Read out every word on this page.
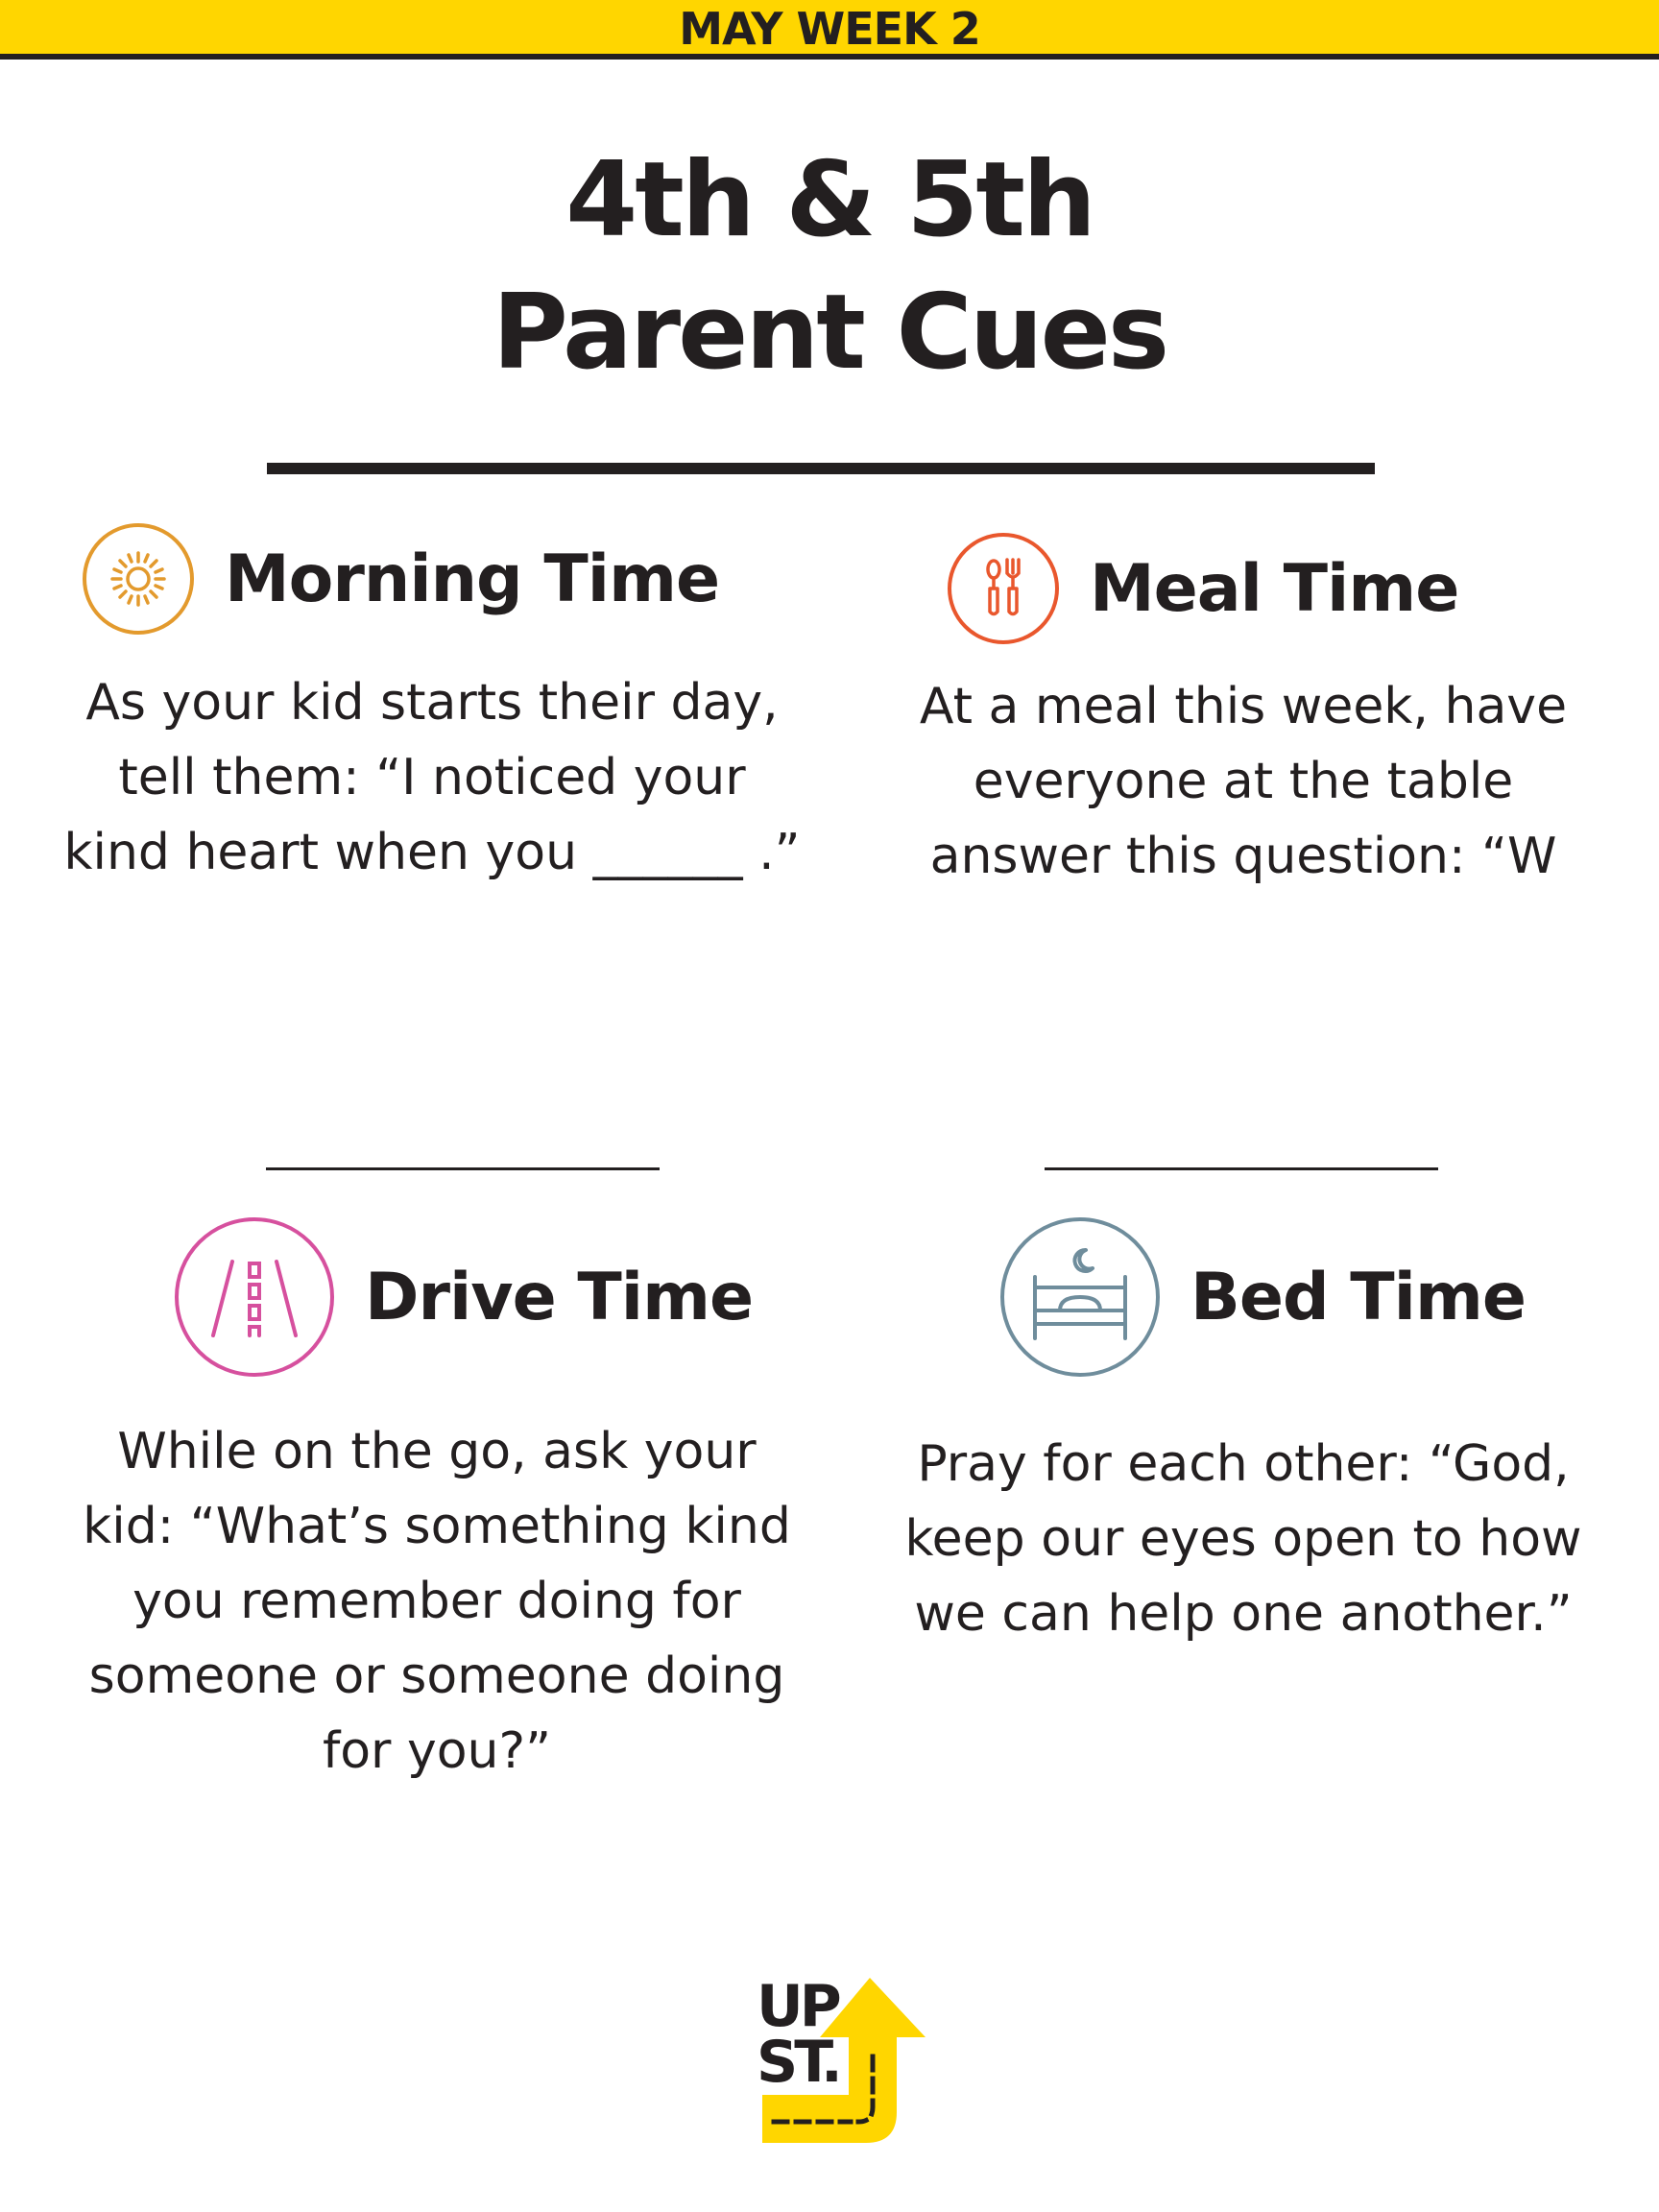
MAY WEEK 2
4th & 5th
Parent Cues
Morning Time

As your kid starts their day, tell them: “I noticed your kind heart when you ______ .”

Meal Time

At a meal this week, have everyone at the table answer this question: “W

Drive Time

While on the go, ask your kid: “What’s something kind you remember doing for someone or someone doing for you?”

Bed Time

Pray for each other: “God, keep our eyes open to how we can help one another.”

UP
ST.
